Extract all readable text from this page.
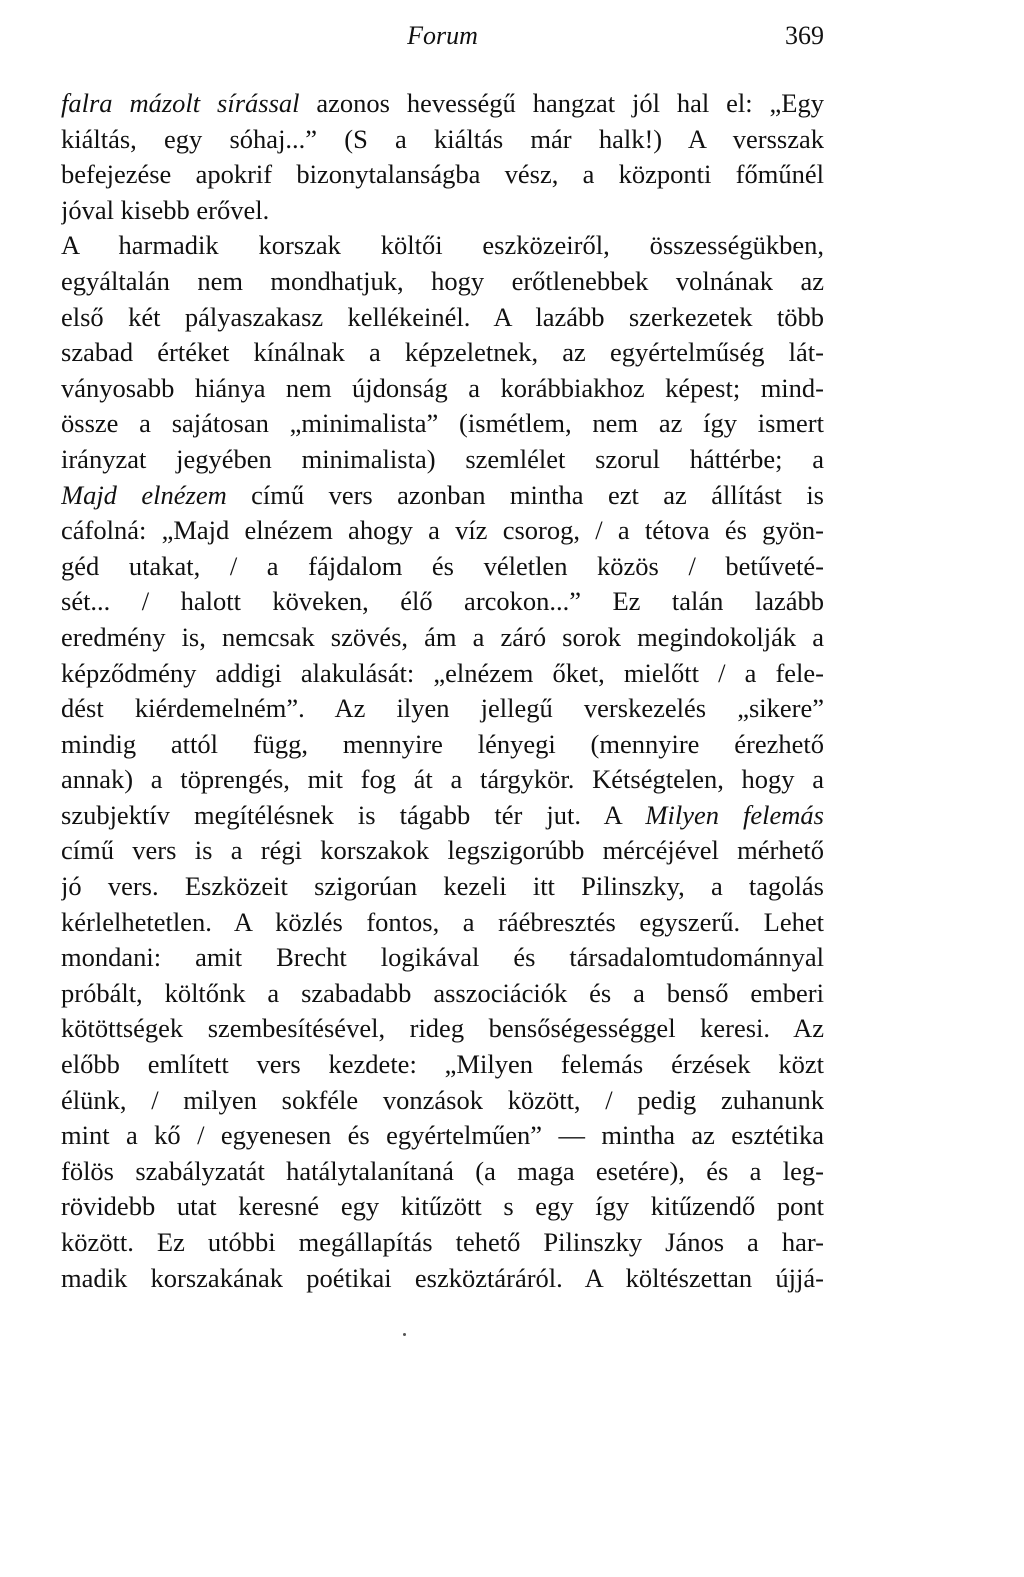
Forum	369
falra mázolt sírással azonos hevességű hangzat jól hal el: „Egy
kiáltás, egy sóhaj...” (S a kiáltás már halk!) A versszak
befejezése apokrif bizonytalanságba vész, a központi főműnél
jóval kisebb erővel.
A harmadik korszak költői eszközeiről, összességükben,
egyáltalán nem mondhatjuk, hogy erőtlenebbek volnának az
első két pályaszakasz kellékeinél. A lazább szerkezetek több
szabad értéket kínálnak a képzeletnek, az egyértelműség lát-
ványosabb hiánya nem újdonság a korábbiakhoz képest; mind-
össze a sajátosan „minimalista” (ismétlem, nem az így ismert
irányzat jegyében minimalista) szemlélet szorul háttérbe; a
Majd elnézem című vers azonban mintha ezt az állítást is
cáfolná: „Majd elnézem ahogy a víz csorog, / a tétova és gyön-
géd utakat, / a fájdalom és véletlen közös / betűveté-
sét... / halott köveken, élő arcokon...” Ez talán lazább
eredmény is, nemcsak szövés, ám a záró sorok megindokolják a
képződmény addigi alakulását: „elnézem őket, mielőtt / a fele-
dést kiérdemelném”. Az ilyen jellegű verskezelés „sikere”
mindig attól függ, mennyire lényegi (mennyire érezhető
annak) a töprengés, mit fog át a tárgykör. Kétségtelen, hogy a
szubjektív megítélésnek is tágabb tér jut. A Milyen felemás
című vers is a régi korszakok legszigorúbb mércéjével mérhető
jó vers. Eszközeit szigorúan kezeli itt Pilinszky, a tagolás
kérlelhetetlen. A közlés fontos, a ráébresztés egyszerű. Lehet
mondani: amit Brecht logikával és társadalomtudománnyal
próbált, költőnk a szabadabb asszociációk és a benső emberi
kötöttségek szembesítésével, rideg bensőségességgel keresi. Az
előbb említett vers kezdete: „Milyen felemás érzések közt
élünk, / milyen sokféle vonzások között, / pedig zuhanunk
mint a kő / egyenesen és egyértelműen” — mintha az esztétika
fölös szabályzatát hatálytalanítaná (a maga esetére), és a leg-
rövidebb utat keresné egy kitűzött s egy így kitűzendő pont
között. Ez utóbbi megállapítás tehető Pilinszky János a har-
madik korszakának poétikai eszköztáráról. A költészettan újjá-
